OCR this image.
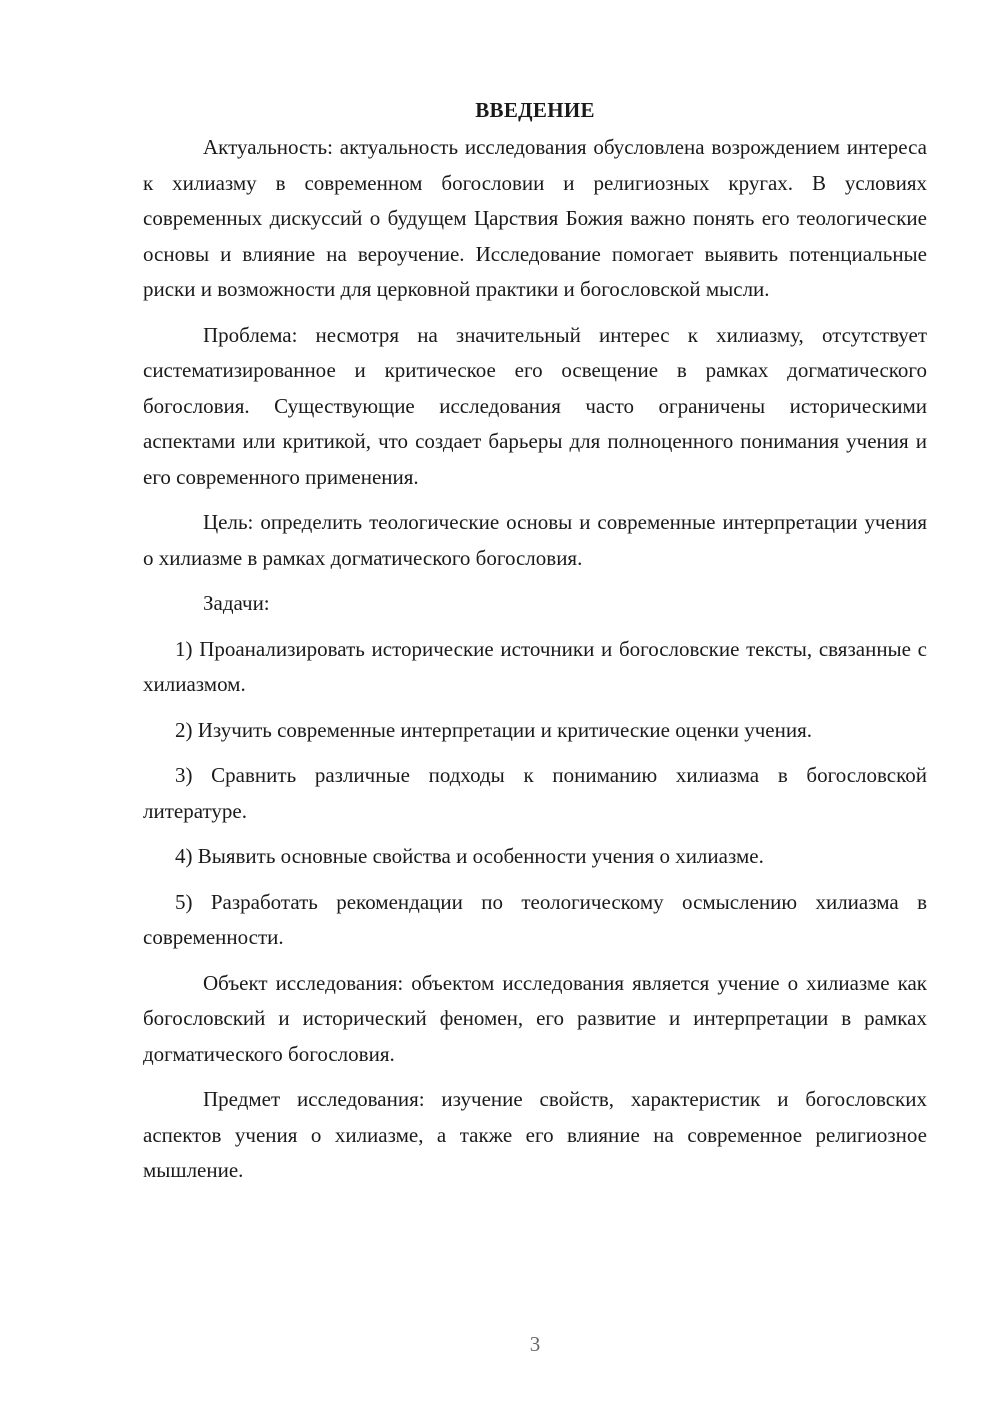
ВВЕДЕНИЕ

Актуальность: актуальность исследования обусловлена возрождением интереса к хилиазму в современном богословии и религиозных кругах. В условиях современных дискуссий о будущем Царствия Божия важно понять его теологические основы и влияние на вероучение. Исследование помогает выявить потенциальные риски и возможности для церковной практики и богословской мысли.

Проблема: несмотря на значительный интерес к хилиазму, отсутствует систематизированное и критическое его освещение в рамках догматического богословия. Существующие исследования часто ограничены историческими аспектами или критикой, что создает барьеры для полноценного понимания учения и его современного применения.

Цель: определить теологические основы и современные интерпретации учения о хилиазме в рамках догматического богословия.

Задачи:

1) Проанализировать исторические источники и богословские тексты, связанные с хилиазмом.

2) Изучить современные интерпретации и критические оценки учения.

3) Сравнить различные подходы к пониманию хилиазма в богословской литературе.

4) Выявить основные свойства и особенности учения о хилиазме.

5) Разработать рекомендации по теологическому осмыслению хилиазма в современности.

Объект исследования: объектом исследования является учение о хилиазме как богословский и исторический феномен, его развитие и интерпретации в рамках догматического богословия.

Предмет исследования: изучение свойств, характеристик и богословских аспектов учения о хилиазме, а также его влияние на современное религиозное мышление.

3
